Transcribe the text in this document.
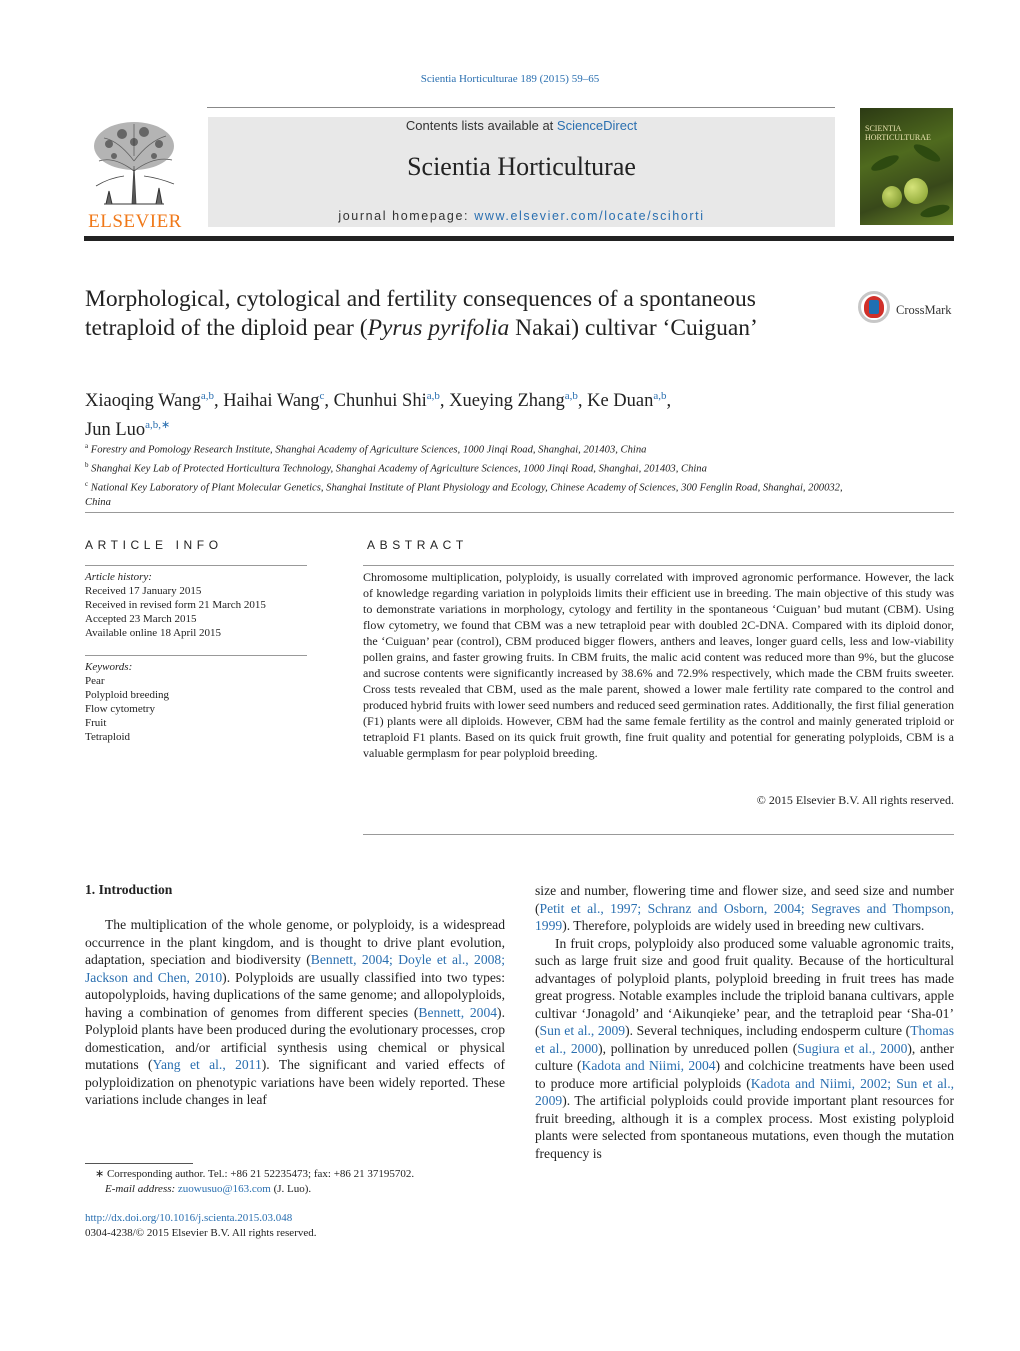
Scientia Horticulturae 189 (2015) 59–65
ELSEVIER
Contents lists available at ScienceDirect
Scientia Horticulturae
journal homepage: www.elsevier.com/locate/scihorti
SCIENTIA
HORTICULTURAE
Morphological, cytological and fertility consequences of a spontaneous tetraploid of the diploid pear (Pyrus pyrifolia Nakai) cultivar ‘Cuiguan’
CrossMark
Xiaoqing Wang$^{a,b}$, Haihai Wang$^c$, Chunhui Shi$^{a,b}$, Xueying Zhang$^{a,b}$, Ke Duan$^{a,b}$,
Jun Luo$^{a,b,∗}$
$^a$ Forestry and Pomology Research Institute, Shanghai Academy of Agriculture Sciences, 1000 Jinqi Road, Shanghai, 201403, China
$^b$ Shanghai Key Lab of Protected Horticultura Technology, Shanghai Academy of Agriculture Sciences, 1000 Jinqi Road, Shanghai, 201403, China
$^c$ National Key Laboratory of Plant Molecular Genetics, Shanghai Institute of Plant Physiology and Ecology, Chinese Academy of Sciences, 300 Fenglin Road, Shanghai, 200032, China
ARTICLE INFO
Article history:
Received 17 January 2015
Received in revised form 21 March 2015
Accepted 23 March 2015
Available online 18 April 2015
Keywords:
Pear
Polyploid breeding
Flow cytometry
Fruit
Tetraploid
ABSTRACT
Chromosome multiplication, polyploidy, is usually correlated with improved agronomic performance. However, the lack of knowledge regarding variation in polyploids limits their efficient use in breeding. The main objective of this study was to demonstrate variations in morphology, cytology and fertility in the spontaneous ‘Cuiguan’ bud mutant (CBM). Using flow cytometry, we found that CBM was a new tetraploid pear with doubled 2C-DNA. Compared with its diploid donor, the ‘Cuiguan’ pear (control), CBM produced bigger flowers, anthers and leaves, longer guard cells, less and low-viability pollen grains, and faster growing fruits. In CBM fruits, the malic acid content was reduced more than 9%, but the glucose and sucrose contents were significantly increased by 38.6% and 72.9% respectively, which made the CBM fruits sweeter. Cross tests revealed that CBM, used as the male parent, showed a lower male fertility rate compared to the control and produced hybrid fruits with lower seed numbers and reduced seed germination rates. Additionally, the first filial generation (F1) plants were all diploids. However, CBM had the same female fertility as the control and mainly generated triploid or tetraploid F1 plants. Based on its quick fruit growth, fine fruit quality and potential for generating polyploids, CBM is a valuable germplasm for pear polyploid breeding.
© 2015 Elsevier B.V. All rights reserved.
1. Introduction

The multiplication of the whole genome, or polyploidy, is a widespread occurrence in the plant kingdom, and is thought to drive plant evolution, adaptation, speciation and biodiversity (Bennett, 2004; Doyle et al., 2008; Jackson and Chen, 2010). Polyploids are usually classified into two types: autopolyploids, having duplications of the same genome; and allopolyploids, having a combination of genomes from different species (Bennett, 2004). Polyploid plants have been produced during the evolutionary processes, crop domestication, and/or artificial synthesis using chemical or physical mutations (Yang et al., 2011). The significant and varied effects of polyploidization on phenotypic variations have been widely reported. These variations include changes in leaf

size and number, flowering time and flower size, and seed size and number (Petit et al., 1997; Schranz and Osborn, 2004; Segraves and Thompson, 1999). Therefore, polyploids are widely used in breeding new cultivars.

In fruit crops, polyploidy also produced some valuable agronomic traits, such as large fruit size and good fruit quality. Because of the horticultural advantages of polyploid plants, polyploid breeding in fruit trees has made great progress. Notable examples include the triploid banana cultivars, apple cultivar ‘Jonagold’ and ‘Aikunqieke’ pear, and the tetraploid pear ‘Sha-01’ (Sun et al., 2009). Several techniques, including endosperm culture (Thomas et al., 2000), pollination by unreduced pollen (Sugiura et al., 2000), anther culture (Kadota and Niimi, 2004) and colchicine treatments have been used to produce more artificial polyploids (Kadota and Niimi, 2002; Sun et al., 2009). The artificial polyploids could provide important plant resources for fruit breeding, although it is a complex process. Most existing polyploid plants were selected from spontaneous mutations, even though the mutation frequency is

∗ Corresponding author. Tel.: +86 21 52235473; fax: +86 21 37195702.
E-mail address: zuowusuo@163.com (J. Luo).
http://dx.doi.org/10.1016/j.scienta.2015.03.048
0304-4238/© 2015 Elsevier B.V. All rights reserved.
